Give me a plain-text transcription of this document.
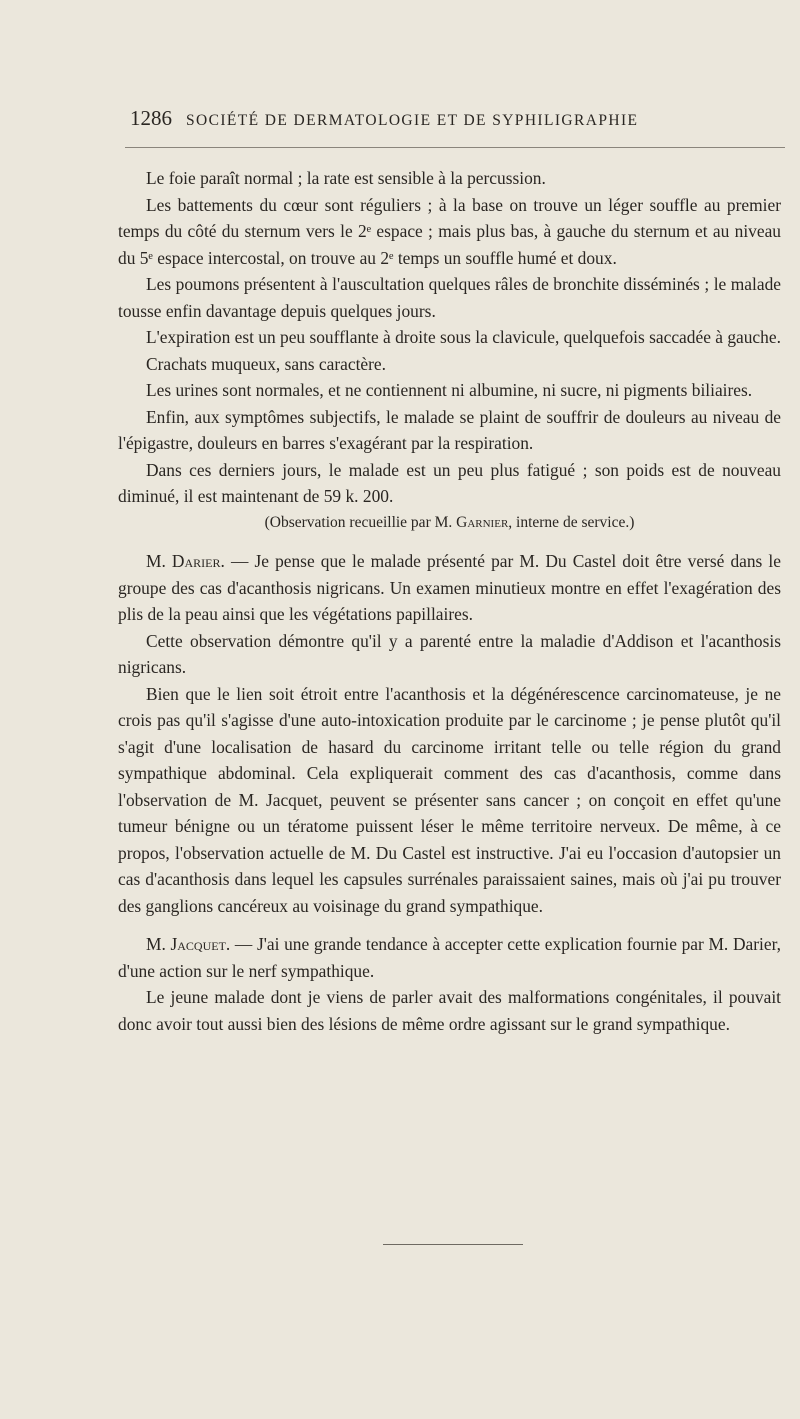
1286 SOCIÉTÉ DE DERMATOLOGIE ET DE SYPHILIGRAPHIE

Le foie paraît normal ; la rate est sensible à la percussion.

Les battements du cœur sont réguliers ; à la base on trouve un léger souffle au premier temps du côté du sternum vers le 2ᵉ espace ; mais plus bas, à gauche du sternum et au niveau du 5ᵉ espace intercostal, on trouve au 2ᵉ temps un souffle humé et doux.

Les poumons présentent à l'auscultation quelques râles de bronchite disséminés ; le malade tousse enfin davantage depuis quelques jours.

L'expiration est un peu soufflante à droite sous la clavicule, quelquefois saccadée à gauche.

Crachats muqueux, sans caractère.

Les urines sont normales, et ne contiennent ni albumine, ni sucre, ni pigments biliaires.

Enfin, aux symptômes subjectifs, le malade se plaint de souffrir de douleurs au niveau de l'épigastre, douleurs en barres s'exagérant par la respiration.

Dans ces derniers jours, le malade est un peu plus fatigué ; son poids est de nouveau diminué, il est maintenant de 59 k. 200.

(Observation recueillie par M. Garnier, interne de service.)

M. Darier. — Je pense que le malade présenté par M. Du Castel doit être versé dans le groupe des cas d'acanthosis nigricans. Un examen minutieux montre en effet l'exagération des plis de la peau ainsi que les végétations papillaires.

Cette observation démontre qu'il y a parenté entre la maladie d'Addison et l'acanthosis nigricans.

Bien que le lien soit étroit entre l'acanthosis et la dégénérescence carcinomateuse, je ne crois pas qu'il s'agisse d'une auto-intoxication produite par le carcinome ; je pense plutôt qu'il s'agit d'une localisation de hasard du carcinome irritant telle ou telle région du grand sympathique abdominal. Cela expliquerait comment des cas d'acanthosis, comme dans l'observation de M. Jacquet, peuvent se présenter sans cancer ; on conçoit en effet qu'une tumeur bénigne ou un tératome puissent léser le même territoire nerveux. De même, à ce propos, l'observation actuelle de M. Du Castel est instructive. J'ai eu l'occasion d'autopsier un cas d'acanthosis dans lequel les capsules surrénales paraissaient saines, mais où j'ai pu trouver des ganglions cancéreux au voisinage du grand sympathique.

M. Jacquet. — J'ai une grande tendance à accepter cette explication fournie par M. Darier, d'une action sur le nerf sympathique.

Le jeune malade dont je viens de parler avait des malformations congénitales, il pouvait donc avoir tout aussi bien des lésions de même ordre agissant sur le grand sympathique.
